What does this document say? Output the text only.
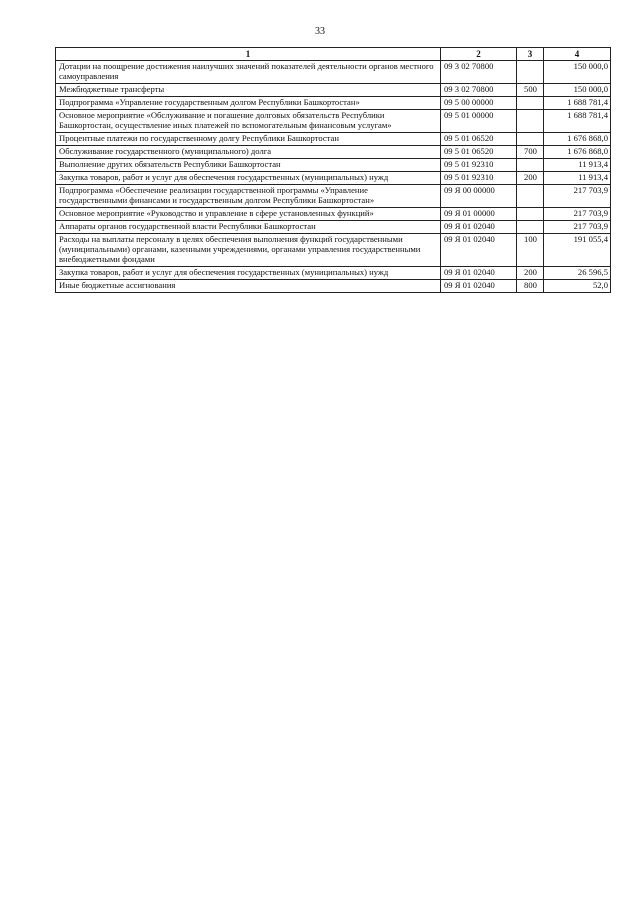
33
1	2	3	4
Дотации на поощрение достижения наилучших значений показателей деятельности органов местного самоуправления	09 3 02 70800		150 000,0
Межбюджетные трансферты	09 3 02 70800	500	150 000,0
Подпрограмма «Управление государственным долгом Республики Башкортостан»	09 5 00 00000		1 688 781,4
Основное мероприятие «Обслуживание и погашение долговых обязательств Республики Башкортостан, осуществление иных платежей по вспомогательным финансовым услугам»	09 5 01 00000		1 688 781,4
Процентные платежи по государственному долгу Республики Башкортостан	09 5 01 06520		1 676 868,0
Обслуживание государственного (муниципального) долга	09 5 01 06520	700	1 676 868,0
Выполнение других обязательств Республики Башкортостан	09 5 01 92310		11 913,4
Закупка товаров, работ и услуг для обеспечения государственных (муниципальных) нужд	09 5 01 92310	200	11 913,4
Подпрограмма «Обеспечение реализации государственной программы «Управление государственными финансами и государственным долгом Республики Башкортостан»	09 Я 00 00000		217 703,9
Основное мероприятие «Руководство и управление в сфере установленных функций»	09 Я 01 00000		217 703,9
Аппараты органов государственной власти Республики Башкортостан	09 Я 01 02040		217 703,9
Расходы на выплаты персоналу в целях обеспечения выполнения функций государственными (муниципальными) органами, казенными учреждениями, органами управления государственными внебюджетными фондами	09 Я 01 02040	100	191 055,4
Закупка товаров, работ и услуг для обеспечения государственных (муниципальных) нужд	09 Я 01 02040	200	26 596,5
Иные бюджетные ассигнования	09 Я 01 02040	800	52,0
